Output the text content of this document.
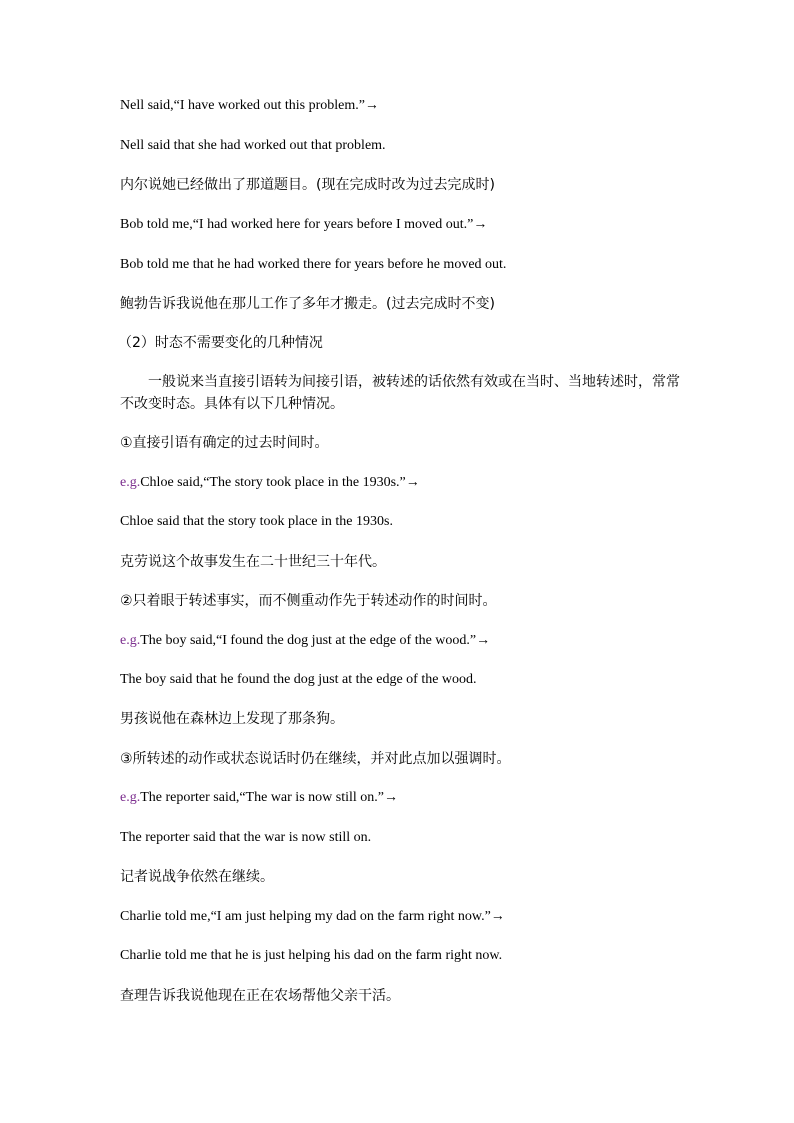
Nell said,“I have worked out this problem.”→
Nell said that she had worked out that problem.
内尔说她已经做出了那道题目。(现在完成时改为过去完成时)
Bob told me,“I had worked here for years before I moved out.”→
Bob told me that he had worked there for years before he moved out.
鲍勃告诉我说他在那儿工作了多年才搬走。(过去完成时不变)
（2）时态不需要变化的几种情况
一般说来当直接引语转为间接引语，被转述的话依然有效或在当时、当地转述时，常常不改变时态。具体有以下几种情况。
①直接引语有确定的过去时间时。
e.g.Chloe said,“The story took place in the 1930s.”→
Chloe said that the story took place in the 1930s.
克劳说这个故事发生在二十世纪三十年代。
②只着眼于转述事实，而不侧重动作先于转述动作的时间时。
e.g.The boy said,“I found the dog just at the edge of the wood.”→
The boy said that he found the dog just at the edge of the wood.
男孩说他在森林边上发现了那条狗。
③所转述的动作或状态说话时仍在继续，并对此点加以强调时。
e.g.The reporter said,“The war is now still on.”→
The reporter said that the war is now still on.
记者说战争依然在继续。
Charlie told me,“I am just helping my dad on the farm right now.”→
Charlie told me that he is just helping his dad on the farm right now.
查理告诉我说他现在正在农场帮他父亲干活。
